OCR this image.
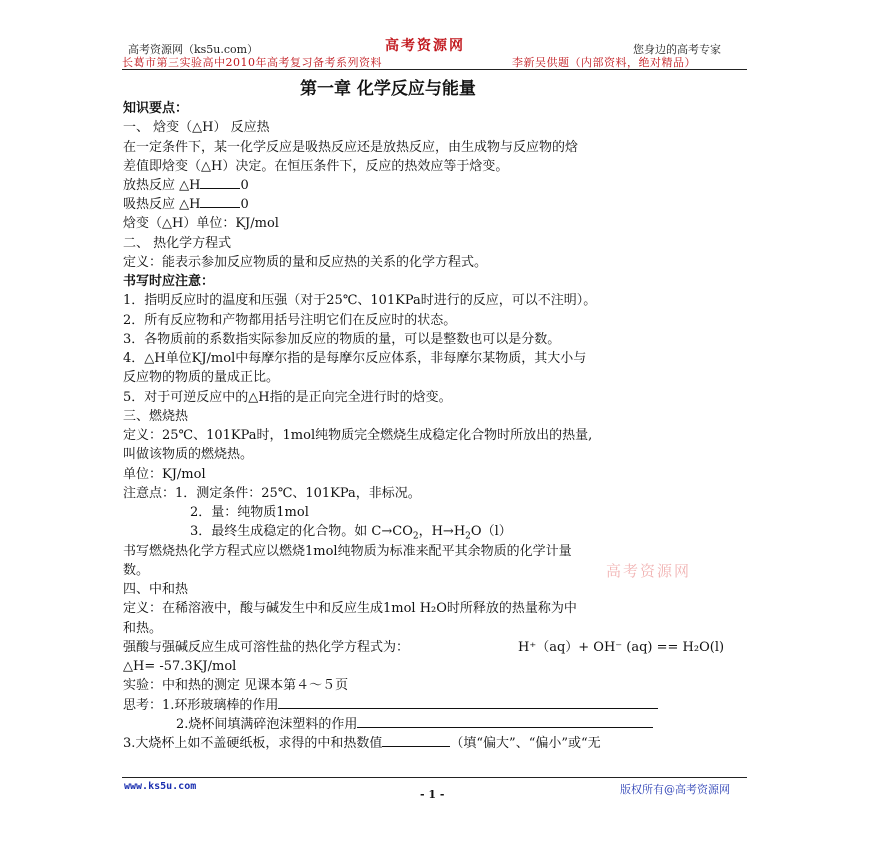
高考资源网（ks5u.com）	高考资源网	您身边的高考专家
长葛市第三实验高中2010年高考复习备考系列资料	李新吴供题（内部资料，绝对精品）
第一章 化学反应与能量
知识要点：
一、 焓变（△H） 反应热
在一定条件下，某一化学反应是吸热反应还是放热反应，由生成物与反应物的焓
差值即焓变（△H）决定。在恒压条件下，反应的热效应等于焓变。
放热反应 △H	0
吸热反应 △H	0
焓变（△H）单位：KJ/mol
二、 热化学方程式
定义：能表示参加反应物质的量和反应热的关系的化学方程式。
书写时应注意：
1．指明反应时的温度和压强（对于25℃、101KPa时进行的反应，可以不注明）。
2．所有反应物和产物都用括号注明它们在反应时的状态。
3．各物质前的系数指实际参加反应的物质的量，可以是整数也可以是分数。
4．△H单位KJ/mol中每摩尔指的是每摩尔反应体系，非每摩尔某物质，其大小与
反应物的物质的量成正比。
5．对于可逆反应中的△H指的是正向完全进行时的焓变。
三、燃烧热
定义：25℃、101KPa时，1mol纯物质完全燃烧生成稳定化合物时所放出的热量,
叫做该物质的燃烧热。
单位：KJ/mol
注意点：1．测定条件：25℃、101KPa，非标况。
2．量：纯物质1mol
3．最终生成稳定的化合物。如 $C\to CO_2$，$H\to H_2O(l)$
书写燃烧热化学方程式应以燃烧1mol纯物质为标准来配平其余物质的化学计量
数。	高考资源网
四、中和热
定义：在稀溶液中，酸与碱发生中和反应生成1mol H₂O时所释放的热量称为中
和热。
强酸与强碱反应生成可溶性盐的热化学方程式为：	H⁺（aq）+ OH⁻ (aq) == H₂O(l)
△H= -57.3KJ/mol
实验：中和热的测定 见课本第４～５页
思考：1.环形玻璃棒的作用
2.烧杯间填满碎泡沫塑料的作用
3.大烧杯上如不盖硬纸板，求得的中和热数值	（填“偏大”、“偏小”或“无
www.ks5u.com
- 1 -	版权所有@高考资源网
